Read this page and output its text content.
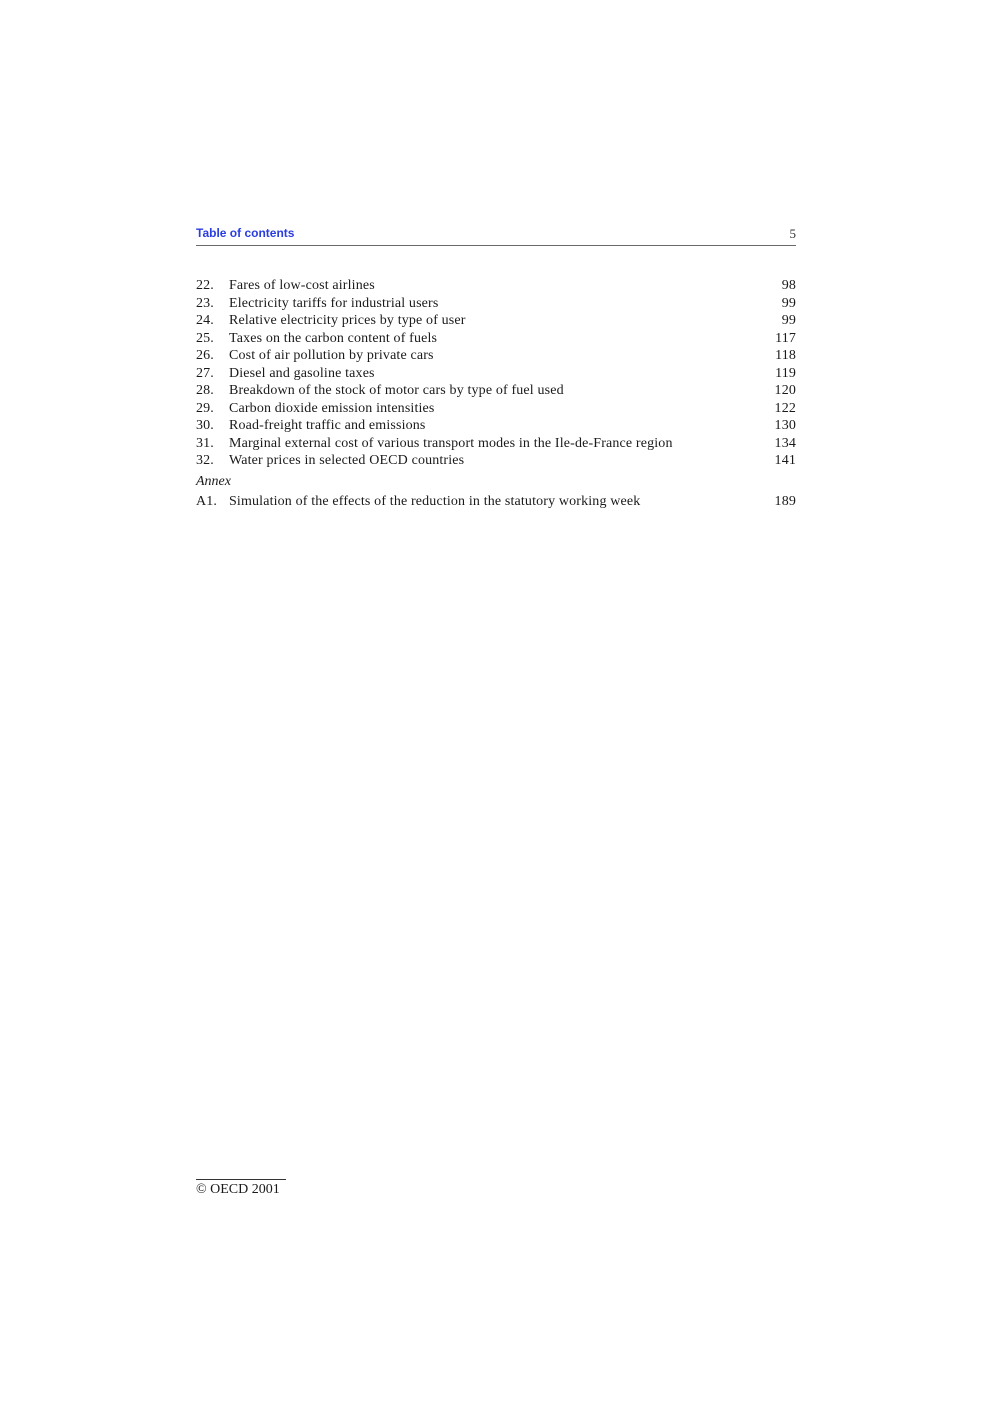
Table of contents	5
22. Fares of low-cost airlines	98
23. Electricity tariffs for industrial users	99
24. Relative electricity prices by type of user	99
25. Taxes on the carbon content of fuels	117
26. Cost of air pollution by private cars	118
27. Diesel and gasoline taxes	119
28. Breakdown of the stock of motor cars by type of fuel used	120
29. Carbon dioxide emission intensities	122
30. Road-freight traffic and emissions	130
31. Marginal external cost of various transport modes in the Ile-de-France region	134
32. Water prices in selected OECD countries	141
Annex
A1. Simulation of the effects of the reduction in the statutory working week	189
© OECD 2001
